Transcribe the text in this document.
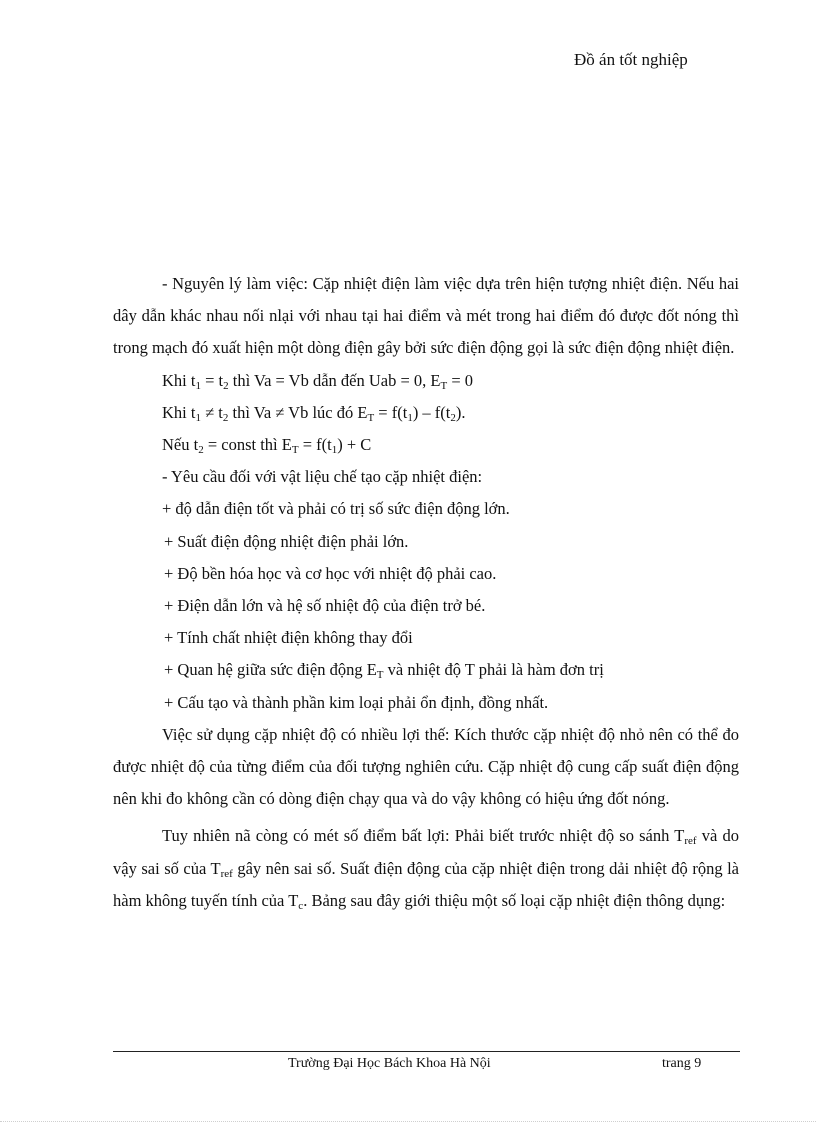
Đồ án tốt nghiệp

- Nguyên lý làm việc: Cặp nhiệt điện làm việc dựa trên hiện tượng nhiệt điện. Nếu hai dây dẫn khác nhau nối nlại với nhau tại hai điểm và mét trong hai điểm đó được đốt nóng thì trong mạch đó xuất hiện một dòng điện gây bởi sức điện động gọi là sức điện động nhiệt điện.

Khi $t_1 = t_2$ thì Va = Vb dẫn đến Uab = 0, $E_T = 0$

Khi $t_1 \ne t_2$ thì Va ≠ Vb lúc đó $E_T = f(t_1) - f(t_2)$.

Nếu $t_2$ = const thì $E_T = f(t_1) + C$

- Yêu cầu đối với vật liệu chế tạo cặp nhiệt điện:

+ độ dẫn điện tốt và phải có trị số sức điện động lớn.

+ Suất điện động nhiệt điện phải lớn.

+ Độ bền hóa học và cơ học với nhiệt độ phải cao.

+ Điện dẫn lớn và hệ số nhiệt độ của điện trở bé.

+ Tính chất nhiệt điện không thay đổi

+ Quan hệ giữa sức điện động $E_T$ và nhiệt độ T phải là hàm đơn trị

+ Cấu tạo và thành phần kim loại phải ổn định, đồng nhất.

Việc sử dụng cặp nhiệt độ có nhiều lợi thế: Kích thước cặp nhiệt độ nhỏ nên có thể đo được nhiệt độ của từng điểm của đối tượng nghiên cứu. Cặp nhiệt độ cung cấp suất điện động nên khi đo không cần có dòng điện chạy qua và do vậy không có hiệu ứng đốt nóng.

Tuy nhiên nã còng có mét số điểm bất lợi: Phải biết trước nhiệt độ so sánh $T_{ref}$ và do vậy sai số của $T_{ref}$ gây nên sai số. Suất điện động của cặp nhiệt điện trong dải nhiệt độ rộng là hàm không tuyến tính của $T_c$. Bảng sau đây giới thiệu một số loại cặp nhiệt điện thông dụng:

Trường Đại Học Bách Khoa Hà Nội	trang 9
